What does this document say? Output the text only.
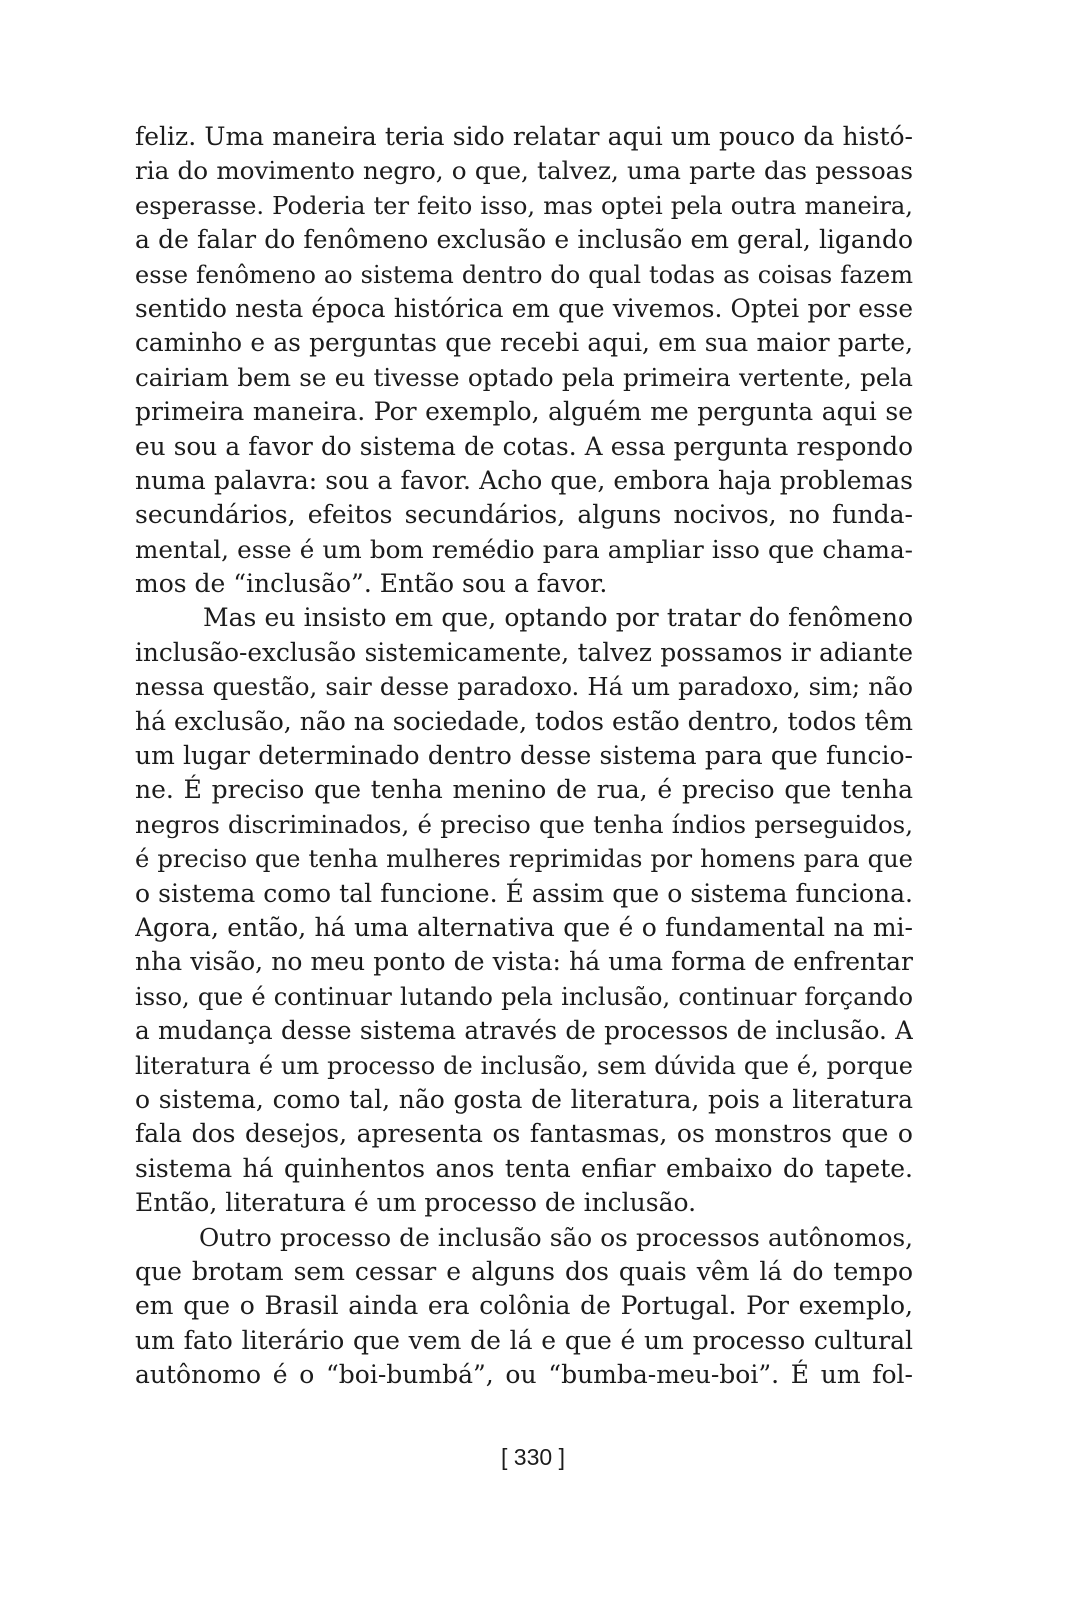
feliz. Uma maneira teria sido relatar aqui um pouco da histó-
ria do movimento negro, o que, talvez, uma parte das pessoas
esperasse. Poderia ter feito isso, mas optei pela outra maneira,
a de falar do fenômeno exclusão e inclusão em geral, ligando
esse fenômeno ao sistema dentro do qual todas as coisas fazem
sentido nesta época histórica em que vivemos. Optei por esse
caminho e as perguntas que recebi aqui, em sua maior parte,
cairiam bem se eu tivesse optado pela primeira vertente, pela
primeira maneira. Por exemplo, alguém me pergunta aqui se
eu sou a favor do sistema de cotas. A essa pergunta respondo
numa palavra: sou a favor. Acho que, embora haja problemas
secundários, efeitos secundários, alguns nocivos, no funda-
mental, esse é um bom remédio para ampliar isso que chama-
mos de “inclusão”. Então sou a favor.
Mas eu insisto em que, optando por tratar do fenômeno
inclusão-exclusão sistemicamente, talvez possamos ir adiante
nessa questão, sair desse paradoxo. Há um paradoxo, sim; não
há exclusão, não na sociedade, todos estão dentro, todos têm
um lugar determinado dentro desse sistema para que funcio-
ne. É preciso que tenha menino de rua, é preciso que tenha
negros discriminados, é preciso que tenha índios perseguidos,
é preciso que tenha mulheres reprimidas por homens para que
o sistema como tal funcione. É assim que o sistema funciona.
Agora, então, há uma alternativa que é o fundamental na mi-
nha visão, no meu ponto de vista: há uma forma de enfrentar
isso, que é continuar lutando pela inclusão, continuar forçando
a mudança desse sistema através de processos de inclusão. A
literatura é um processo de inclusão, sem dúvida que é, porque
o sistema, como tal, não gosta de literatura, pois a literatura
fala dos desejos, apresenta os fantasmas, os monstros que o
sistema há quinhentos anos tenta enfiar embaixo do tapete.
Então, literatura é um processo de inclusão.
Outro processo de inclusão são os processos autônomos,
que brotam sem cessar e alguns dos quais vêm lá do tempo
em que o Brasil ainda era colônia de Portugal. Por exemplo,
um fato literário que vem de lá e que é um processo cultural
autônomo é o “boi-bumbá”, ou “bumba-meu-boi”. É um fol-
[ 330 ]
